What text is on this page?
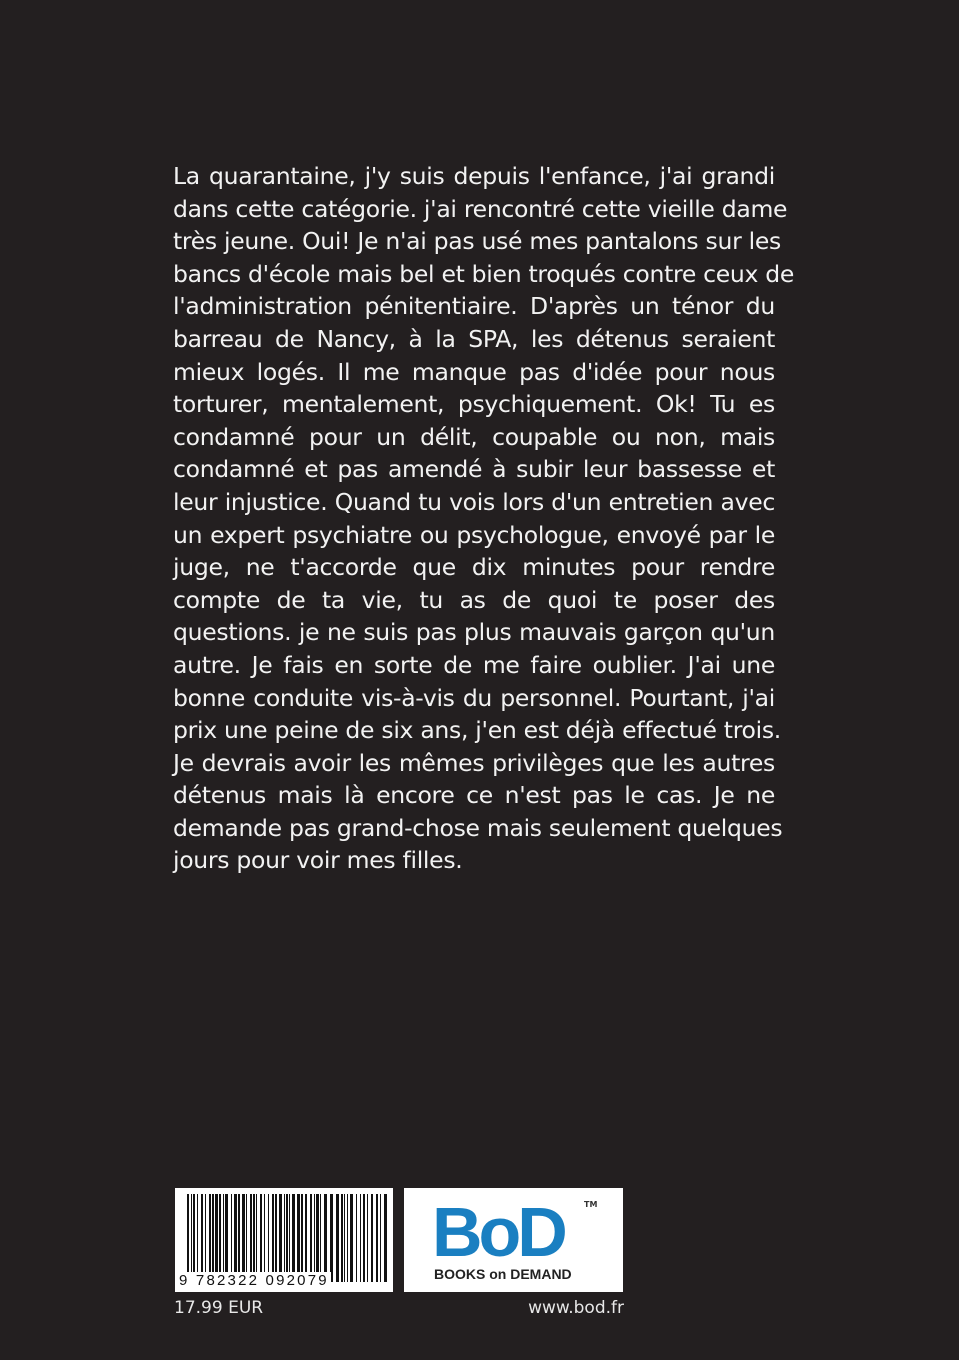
La quarantaine, j'y suis depuis l'enfance, j'ai grandi
dans cette catégorie. j'ai rencontré cette vieille dame
très jeune. Oui! Je n'ai pas usé mes pantalons sur les
bancs d'école mais bel et bien troqués contre ceux de
l'administration pénitentiaire. D'après un ténor du
barreau de Nancy, à la SPA, les détenus seraient
mieux logés. Il me manque pas d'idée pour nous
torturer, mentalement, psychiquement. Ok! Tu es
condamné pour un délit, coupable ou non, mais
condamné et pas amendé à subir leur bassesse et
leur injustice. Quand tu vois lors d'un entretien avec
un expert psychiatre ou psychologue, envoyé par le
juge, ne t'accorde que dix minutes pour rendre
compte de ta vie, tu as de quoi te poser des
questions. je ne suis pas plus mauvais garçon qu'un
autre. Je fais en sorte de me faire oublier. J'ai une
bonne conduite vis-à-vis du personnel. Pourtant, j'ai
prix une peine de six ans, j'en est déjà effectué trois.
Je devrais avoir les mêmes privilèges que les autres
détenus mais là encore ce n'est pas le cas. Je ne
demande pas grand-chose mais seulement quelques
jours pour voir mes filles.
9 782322 092079
BoD	TM
BOOKS on DEMAND
17.99 EUR	www.bod.fr
